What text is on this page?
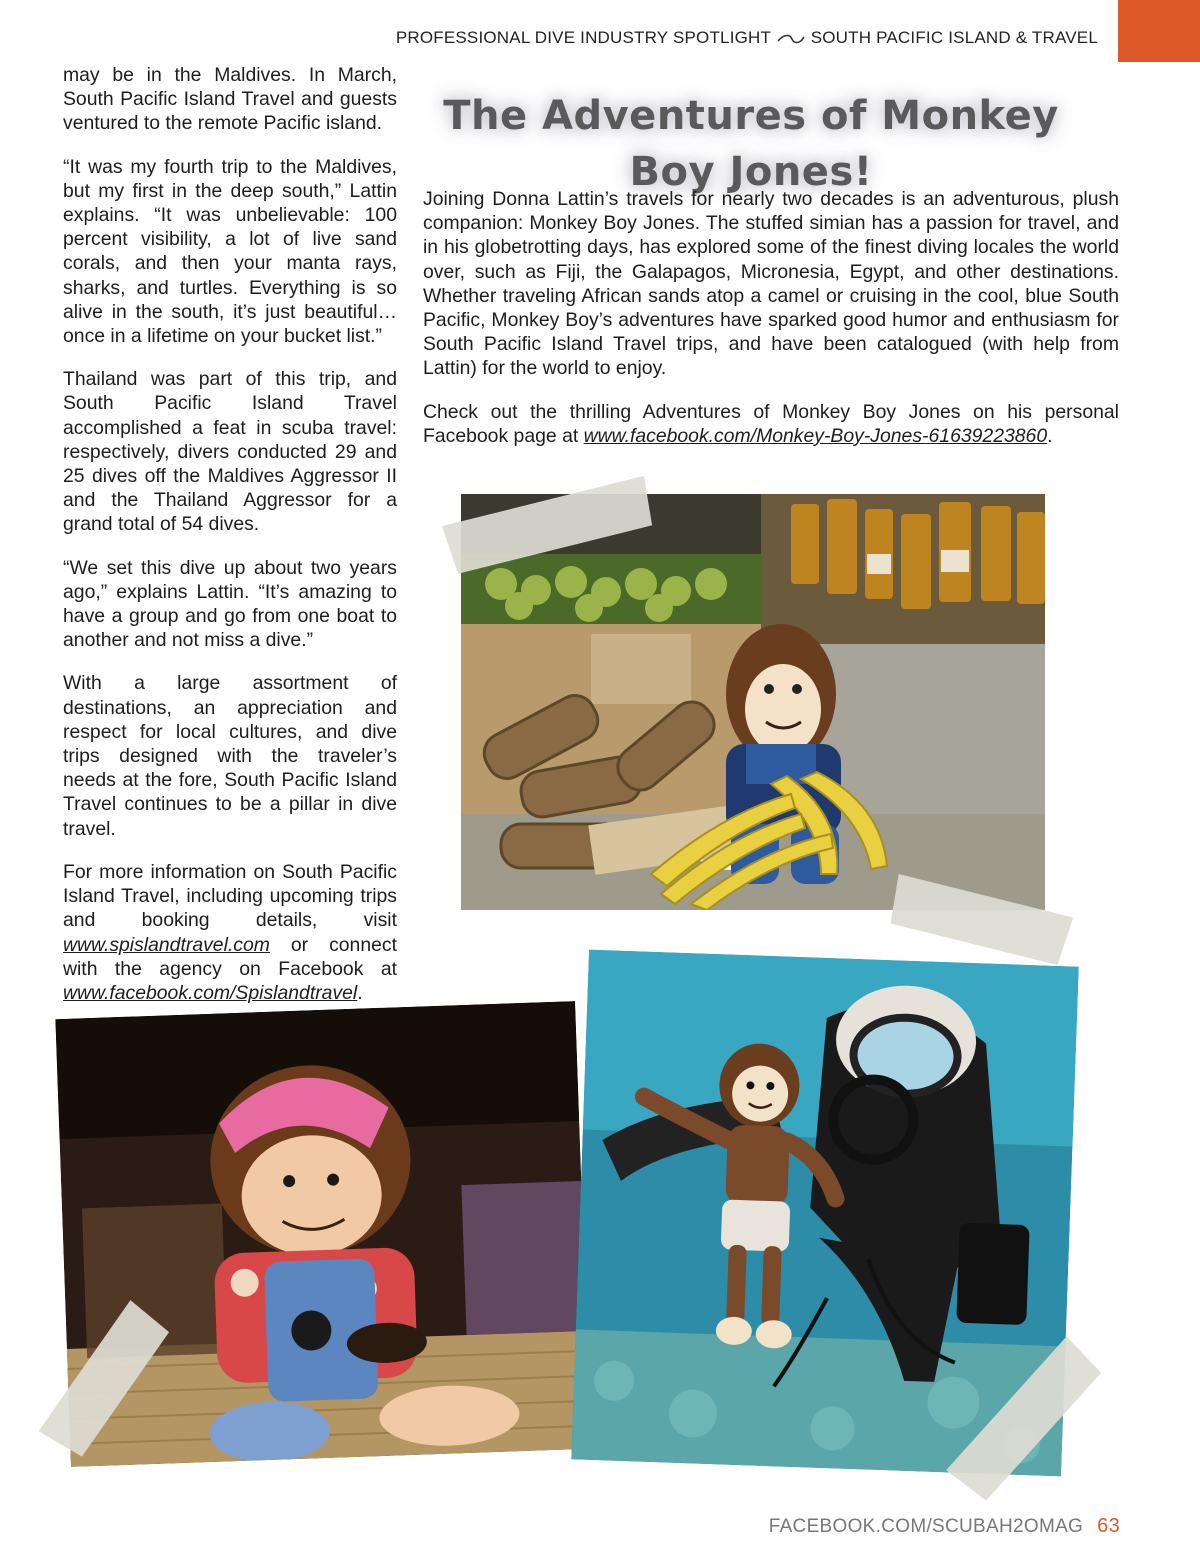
PROFESSIONAL DIVE INDUSTRY SPOTLIGHT SOUTH PACIFIC ISLAND & TRAVEL

may be in the Maldives. In March, South Pacific Island Travel and guests ventured to the remote Pacific island.

“It was my fourth trip to the Maldives, but my first in the deep south,” Lattin explains. “It was unbelievable: 100 percent visibility, a lot of live sand corals, and then your manta rays, sharks, and turtles. Everything is so alive in the south, it’s just beautiful… once in a lifetime on your bucket list.”

Thailand was part of this trip, and South Pacific Island Travel accomplished a feat in scuba travel: respectively, divers conducted 29 and 25 dives off the Maldives Aggressor II and the Thailand Aggressor for a grand total of 54 dives.

“We set this dive up about two years ago,” explains Lattin. “It’s amazing to have a group and go from one boat to another and not miss a dive.”

With a large assortment of destinations, an appreciation and respect for local cultures, and dive trips designed with the traveler’s needs at the fore, South Pacific Island Travel continues to be a pillar in dive travel.

For more information on South Pacific Island Travel, including upcoming trips and booking details, visit www.spislandtravel.com or connect with the agency on Facebook at www.facebook.com/Spislandtravel.

The Adventures of Monkey Boy Jones!

Joining Donna Lattin’s travels for nearly two decades is an adventurous, plush companion: Monkey Boy Jones. The stuffed simian has a passion for travel, and in his globetrotting days, has explored some of the finest diving locales the world over, such as Fiji, the Galapagos, Micronesia, Egypt, and other destinations. Whether traveling African sands atop a camel or cruising in the cool, blue South Pacific, Monkey Boy’s adventures have sparked good humor and enthusiasm for South Pacific Island Travel trips, and have been catalogued (with help from Lattin) for the world to enjoy.

Check out the thrilling Adventures of Monkey Boy Jones on his personal Facebook page at www.facebook.com/Monkey-Boy-Jones-61639223860.

FACEBOOK.COM/SCUBAH2OMAG 63
